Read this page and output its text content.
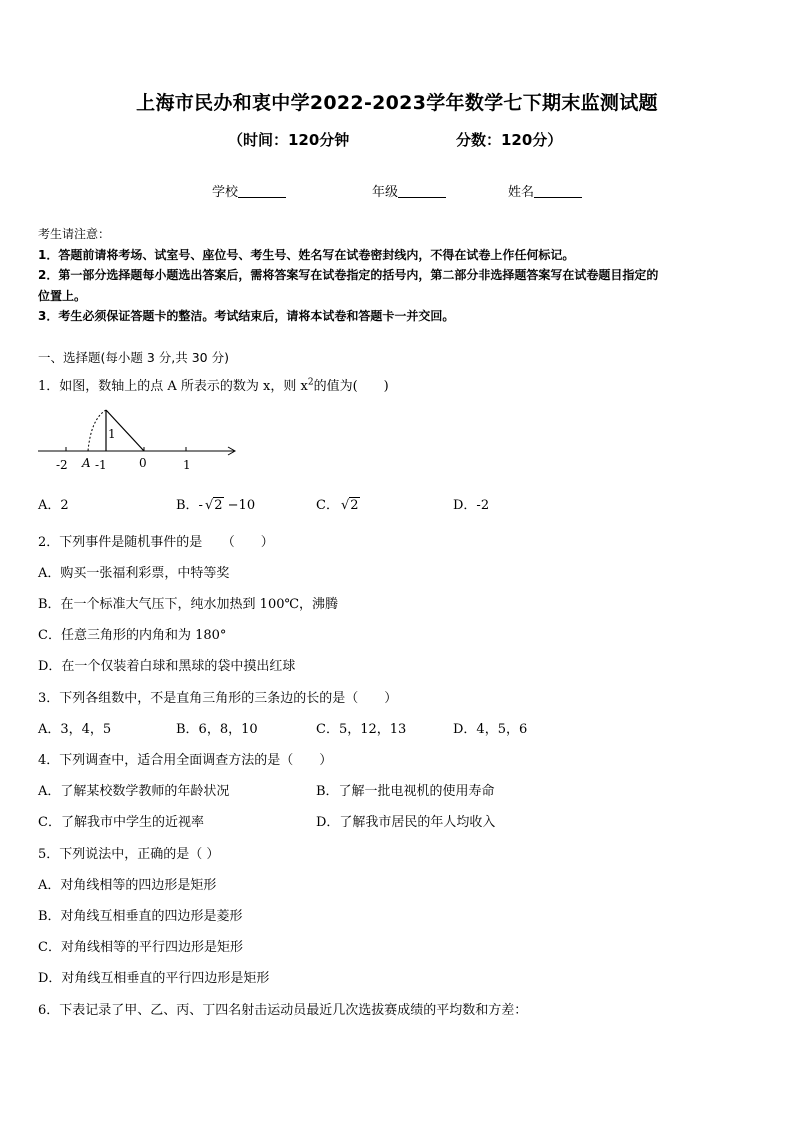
上海市民办和衷中学2022-2023学年数学七下期末监测试题
（时间：120分钟	分数：120分）
学校	年级	姓名
考生请注意：
1．答题前请将考场、试室号、座位号、考生号、姓名写在试卷密封线内，不得在试卷上作任何标记。
2．第一部分选择题每小题选出答案后，需将答案写在试卷指定的括号内，第二部分非选择题答案写在试卷题目指定的
位置上。
3．考生必须保证答题卡的整洁。考试结束后，请将本试卷和答题卡一并交回。
一、选择题(每小题 3 分,共 30 分)
1．如图，数轴上的点 A 所表示的数为 x，则 $x^2$的值为(　　)
1
-2 A -1	0	1
A．2	B．- √2 −10	C． √2	D．-2
2．下列事件是随机事件的是　　（　　）
A．购买一张福利彩票，中特等奖
B．在一个标准大气压下，纯水加热到 100℃，沸腾
C．任意三角形的内角和为 180°
D．在一个仅装着白球和黑球的袋中摸出红球
3．下列各组数中，不是直角三角形的三条边的长的是（　　）
A．3，4，5	B．6，8，10	C．5，12，13	D．4，5，6
4．下列调查中，适合用全面调查方法的是（　　）
A．了解某校数学教师的年龄状况	B．了解一批电视机的使用寿命
C．了解我市中学生的近视率	D．了解我市居民的年人均收入
5．下列说法中，正确的是（ ）
A．对角线相等的四边形是矩形
B．对角线互相垂直的四边形是菱形
C．对角线相等的平行四边形是矩形
D．对角线互相垂直的平行四边形是矩形
6．下表记录了甲、乙、丙、丁四名射击运动员最近几次选拔赛成绩的平均数和方差：
